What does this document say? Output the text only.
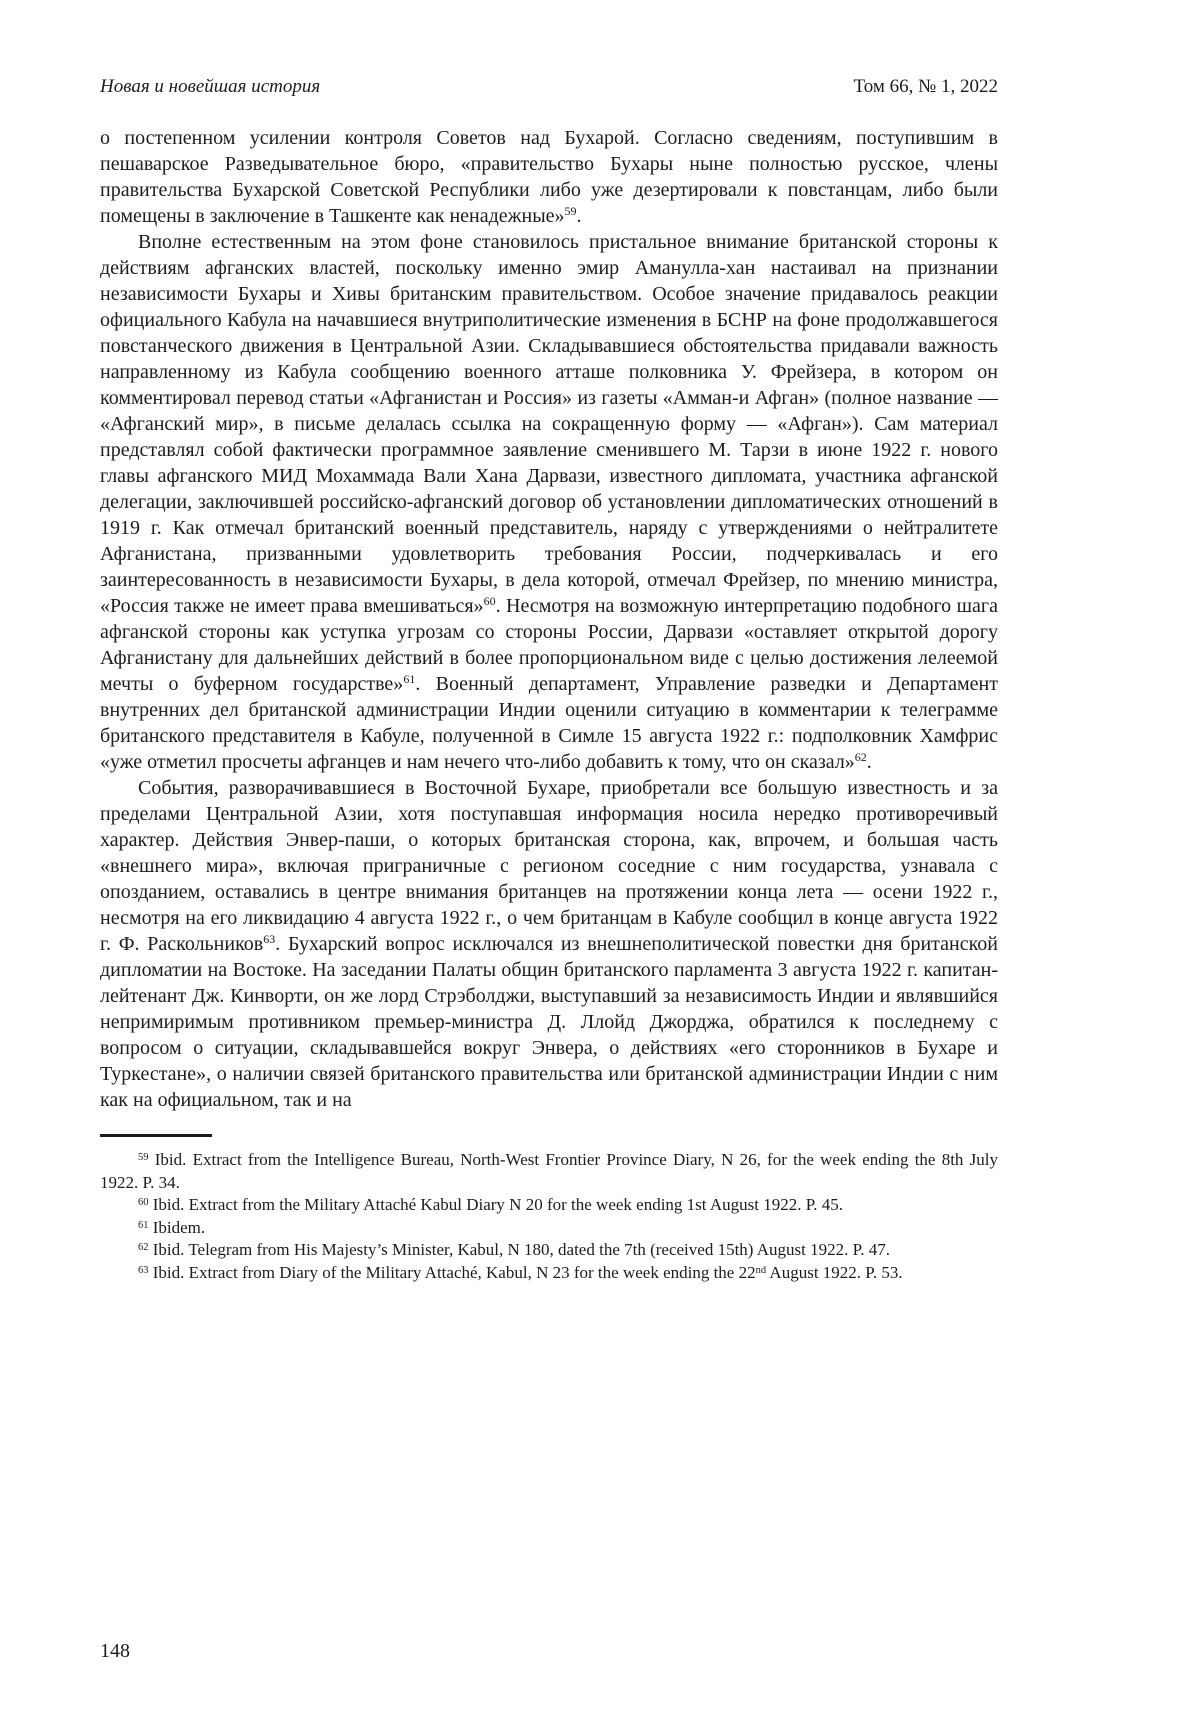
Новая и новейшая история	Том 66, № 1, 2022

о постепенном усилении контроля Советов над Бухарой. Согласно сведениям, поступившим в пешаварское Разведывательное бюро, «правительство Бухары ныне полностью русское, члены правительства Бухарской Советской Республики либо уже дезертировали к повстанцам, либо были помещены в заключение в Ташкенте как ненадежные»$^{59}$.

Вполне естественным на этом фоне становилось пристальное внимание британской стороны к действиям афганских властей, поскольку именно эмир Аманулла-хан настаивал на признании независимости Бухары и Хивы британским правительством. Особое значение придавалось реакции официального Кабула на начавшиеся внутриполитические изменения в БСНР на фоне продолжавшегося повстанческого движения в Центральной Азии. Складывавшиеся обстоятельства придавали важность направленному из Кабула сообщению военного атташе полковника У. Фрейзера, в котором он комментировал перевод статьи «Афганистан и Россия» из газеты «Амман-и Афган» (полное название — «Афганский мир», в письме делалась ссылка на сокращенную форму — «Афган»). Сам материал представлял собой фактически программное заявление сменившего М. Тарзи в июне 1922 г. нового главы афганского МИД Мохаммада Вали Хана Дарвази, известного дипломата, участника афганской делегации, заключившей российско-афганский договор об установлении дипломатических отношений в 1919 г. Как отмечал британский военный представитель, наряду с утверждениями о нейтралитете Афганистана, призванными удовлетворить требования России, подчеркивалась и его заинтересованность в независимости Бухары, в дела которой, отмечал Фрейзер, по мнению министра, «Россия также не имеет права вмешиваться»$^{60}$. Несмотря на возможную интерпретацию подобного шага афганской стороны как уступка угрозам со стороны России, Дарвази «оставляет открытой дорогу Афганистану для дальнейших действий в более пропорциональном виде с целью достижения лелеемой мечты о буферном государстве»$^{61}$. Военный департамент, Управление разведки и Департамент внутренних дел британской администрации Индии оценили ситуацию в комментарии к телеграмме британского представителя в Кабуле, полученной в Симле 15 августа 1922 г.: подполковник Хамфрис «уже отметил просчеты афганцев и нам нечего что-либо добавить к тому, что он сказал»$^{62}$.

События, разворачивавшиеся в Восточной Бухаре, приобретали все большую известность и за пределами Центральной Азии, хотя поступавшая информация носила нередко противоречивый характер. Действия Энвер-паши, о которых британская сторона, как, впрочем, и большая часть «внешнего мира», включая приграничные с регионом соседние с ним государства, узнавала с опозданием, оставались в центре внимания британцев на протяжении конца лета — осени 1922 г., несмотря на его ликвидацию 4 августа 1922 г., о чем британцам в Кабуле сообщил в конце августа 1922 г. Ф. Раскольников$^{63}$. Бухарский вопрос исключался из внешнеполитической повестки дня британской дипломатии на Востоке. На заседании Палаты общин британского парламента 3 августа 1922 г. капитан-лейтенант Дж. Кинворти, он же лорд Стрэболджи, выступавший за независимость Индии и являвшийся непримиримым противником премьер-министра Д. Ллойд Джорджа, обратился к последнему с вопросом о ситуации, складывавшейся вокруг Энвера, о действиях «его сторонников в Бухаре и Туркестане», о наличии связей британского правительства или британской администрации Индии с ним как на официальном, так и на

$^{59}$ Ibid. Extract from the Intelligence Bureau, North-West Frontier Province Diary, N 26, for the week ending the 8th July 1922. P. 34.

$^{60}$ Ibid. Extract from the Military Attaché Kabul Diary N 20 for the week ending 1st August 1922. P. 45.

$^{61}$ Ibidem.

$^{62}$ Ibid. Telegram from His Majesty’s Minister, Kabul, N 180, dated the 7th (received 15th) August 1922. P. 47.

$^{63}$ Ibid. Extract from Diary of the Military Attaché, Kabul, N 23 for the week ending the 22nd August 1922. P. 53.

148
